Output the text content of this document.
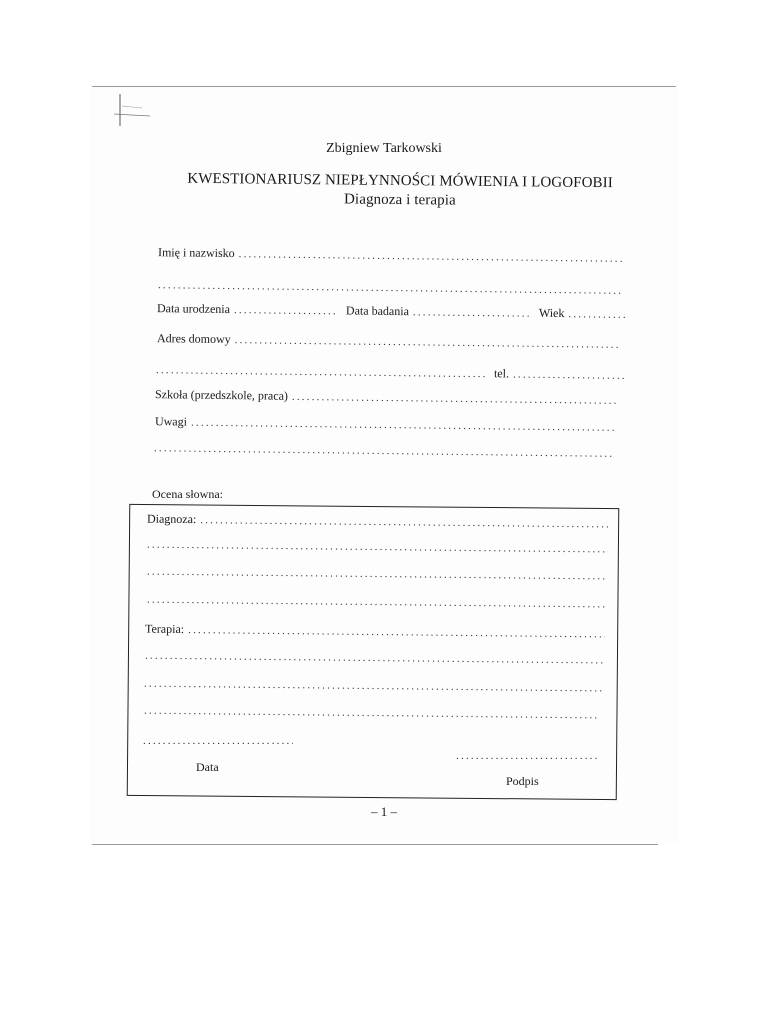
Zbigniew Tarkowski
KWESTIONARIUSZ NIEPŁYNNOŚCI MÓWIENIA I LOGOFOBII
Diagnoza i terapia
Imię i nazwisko
.....
.....
Data urodzenia .....	Data badania .....	Wiek
.....
Adres domowy
.....
.....
tel.
.....
Szkoła (przedszkole, praca)
.....
Uwagi
.....
.....
Ocena słowna:
Diagnoza:
.....
.....
.....
.....
Terapia:
.....
.....
.....
.....
.....
.....
Data
Podpis
– 1 –
